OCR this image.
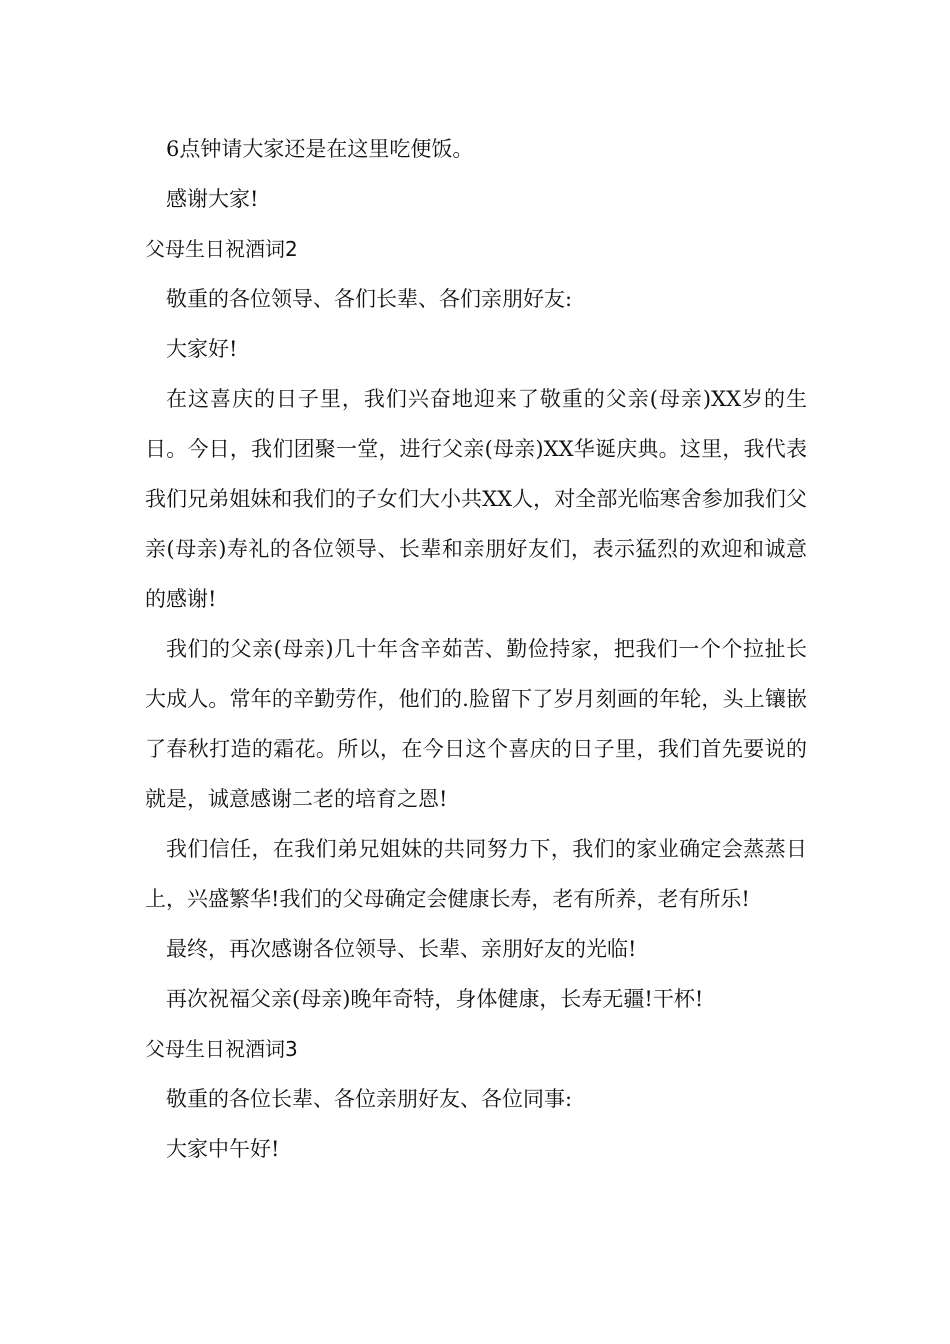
6点钟请大家还是在这里吃便饭。

感谢大家!

父母生日祝酒词2

敬重的各位领导、各们长辈、各们亲朋好友:

大家好!

在这喜庆的日子里，我们兴奋地迎来了敬重的父亲(母亲)XX岁的生日。今日，我们团聚一堂，进行父亲(母亲)XX华诞庆典。这里，我代表我们兄弟姐妹和我们的子女们大小共XX人，对全部光临寒舍参加我们父亲(母亲)寿礼的各位领导、长辈和亲朋好友们，表示猛烈的欢迎和诚意的感谢!

我们的父亲(母亲)几十年含辛茹苦、勤俭持家，把我们一个个拉扯长大成人。常年的辛勤劳作，他们的.脸留下了岁月刻画的年轮，头上镶嵌了春秋打造的霜花。所以，在今日这个喜庆的日子里，我们首先要说的就是，诚意感谢二老的培育之恩!

我们信任，在我们弟兄姐妹的共同努力下，我们的家业确定会蒸蒸日上，兴盛繁华!我们的父母确定会健康长寿，老有所养，老有所乐!

最终，再次感谢各位领导、长辈、亲朋好友的光临!

再次祝福父亲(母亲)晚年奇特，身体健康，长寿无疆!干杯!

父母生日祝酒词3

敬重的各位长辈、各位亲朋好友、各位同事:

大家中午好!
